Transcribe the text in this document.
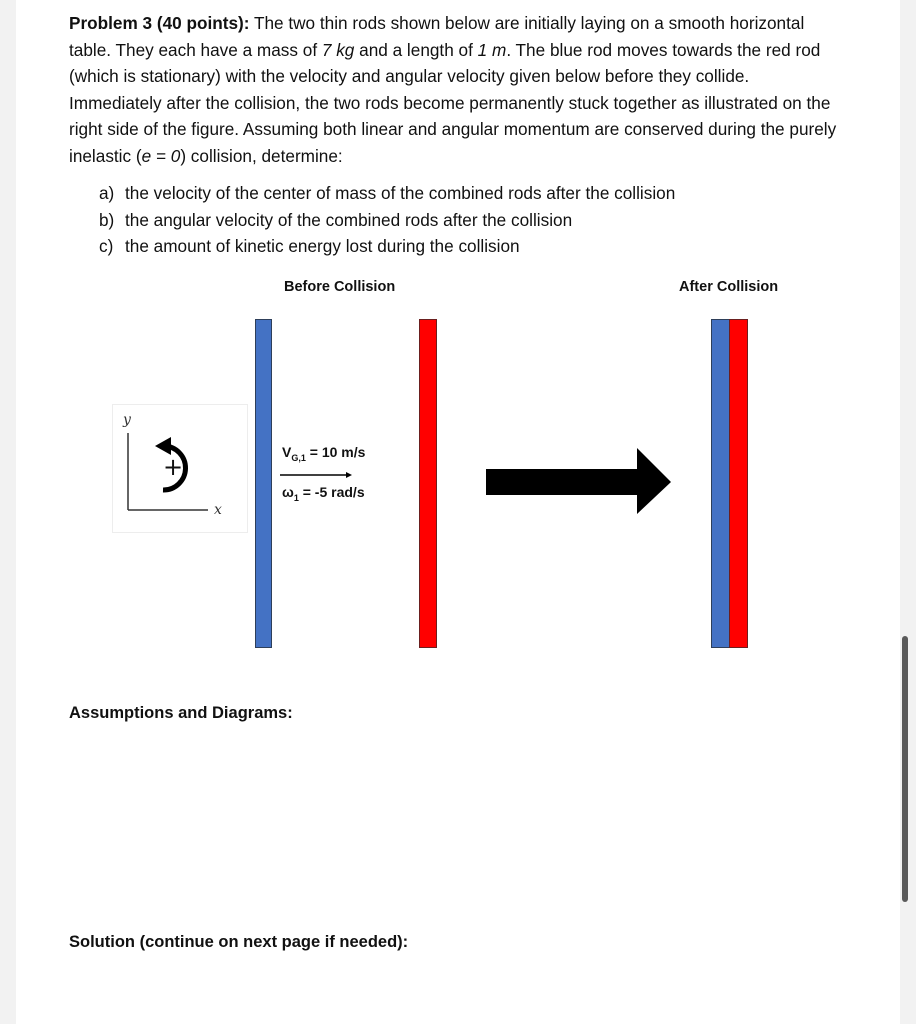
Problem 3 (40 points): The two thin rods shown below are initially laying on a smooth horizontal table. They each have a mass of 7 kg and a length of 1 m. The blue rod moves towards the red rod (which is stationary) with the velocity and angular velocity given below before they collide. Immediately after the collision, the two rods become permanently stuck together as illustrated on the right side of the figure. Assuming both linear and angular momentum are conserved during the purely inelastic (e = 0) collision, determine:
a) the velocity of the center of mass of the combined rods after the collision
b) the angular velocity of the combined rods after the collision
c) the amount of kinetic energy lost during the collision
Before Collision	After Collision
y
x
+
$V_{G,1} = 10$ m/s
$\omega_1 = -5$ rad/s
Assumptions and Diagrams:
Solution (continue on next page if needed):
